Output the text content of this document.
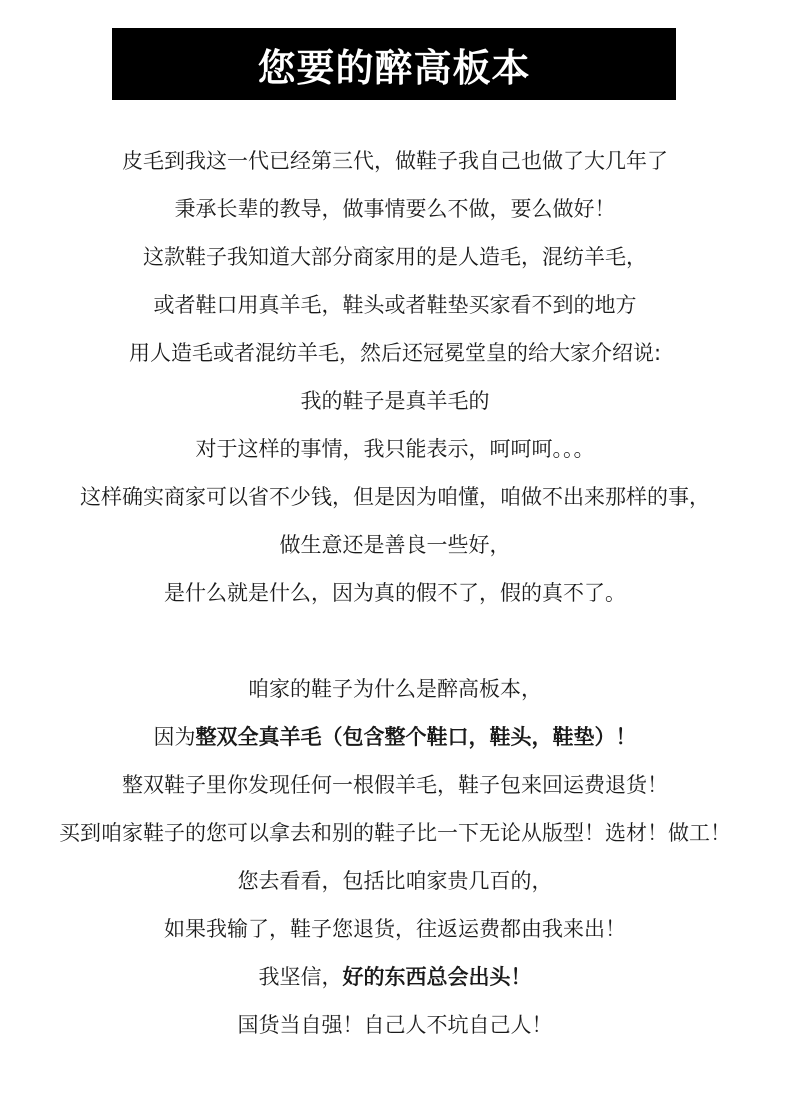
您要的醉高板本
皮毛到我这一代已经第三代，做鞋子我自己也做了大几年了
秉承长辈的教导，做事情要么不做，要么做好！
这款鞋子我知道大部分商家用的是人造毛，混纺羊毛，
或者鞋口用真羊毛，鞋头或者鞋垫买家看不到的地方
用人造毛或者混纺羊毛，然后还冠冕堂皇的给大家介绍说:
我的鞋子是真羊毛的
对于这样的事情，我只能表示，呵呵呵。。。
这样确实商家可以省不少钱，但是因为咱懂，咱做不出来那样的事，
做生意还是善良一些好，
是什么就是什么，因为真的假不了，假的真不了。
咱家的鞋子为什么是醉高板本，
因为整双全真羊毛（包含整个鞋口，鞋头，鞋垫）！
整双鞋子里你发现任何一根假羊毛，鞋子包来回运费退货！
买到咱家鞋子的您可以拿去和别的鞋子比一下无论从版型！选材！做工！
您去看看，包括比咱家贵几百的，
如果我输了，鞋子您退货，往返运费都由我来出！
我坚信，好的东西总会出头！
国货当自强！自己人不坑自己人！
